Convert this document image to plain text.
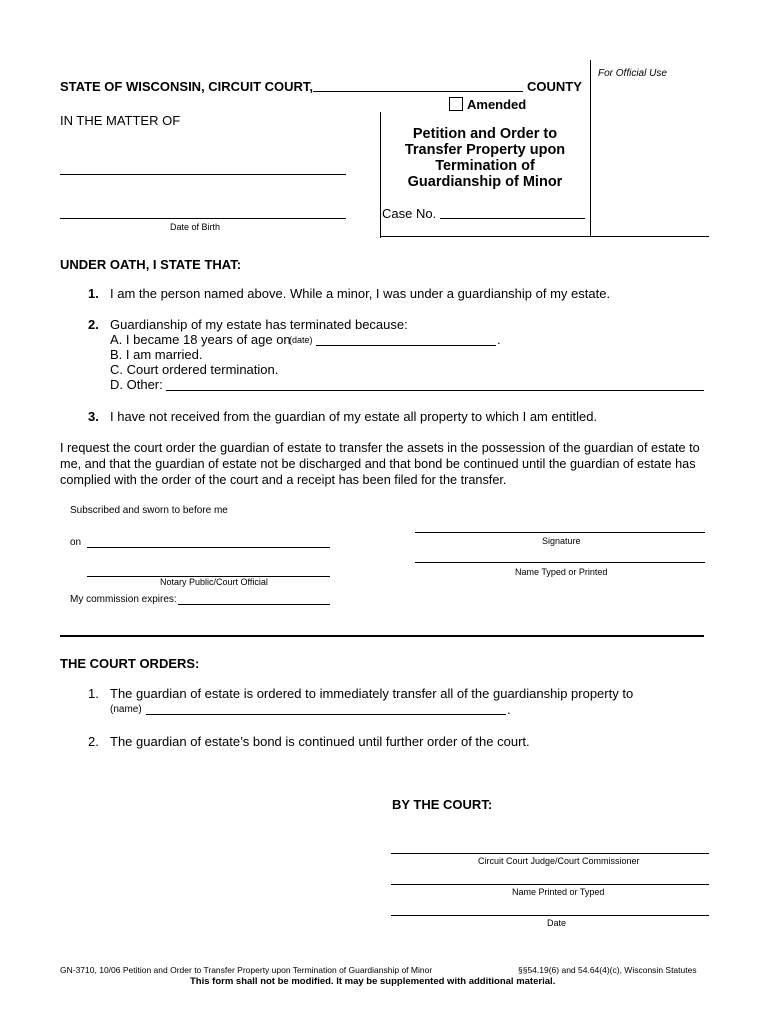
For Official Use
STATE OF WISCONSIN, CIRCUIT COURT,	COUNTY
Amended
IN THE MATTER OF
Date of Birth
Petition and Order to
Transfer Property upon
Termination of
Guardianship of Minor
Case No.
UNDER OATH, I STATE THAT:
1. I am the person named above. While a minor, I was under a guardianship of my estate.
2. Guardianship of my estate has terminated because:
A. I became 18 years of age on
(date)	.
B. I am married.
C. Court ordered termination.
D. Other:
3. I have not received from the guardian of my estate all property to which I am entitled.
I request the court order the guardian of estate to transfer the assets in the possession of the guardian of estate to
me, and that the guardian of estate not be discharged and that bond be continued until the guardian of estate has
complied with the order of the court and a receipt has been filed for the transfer.
Subscribed and sworn to before me
on
Notary Public/Court Official
My commission expires:
Signature
Name Typed or Printed
THE COURT ORDERS:
1. The guardian of estate is ordered to immediately transfer all of the guardianship property to
(name)	.
2. The guardian of estate’s bond is continued until further order of the court.
BY THE COURT:
Circuit Court Judge/Court Commissioner
Name Printed or Typed
Date
GN-3710, 10/06 Petition and Order to Transfer Property upon Termination of Guardianship of Minor	§§54.19(6) and 54.64(4)(c), Wisconsin Statutes
This form shall not be modified. It may be supplemented with additional material.
